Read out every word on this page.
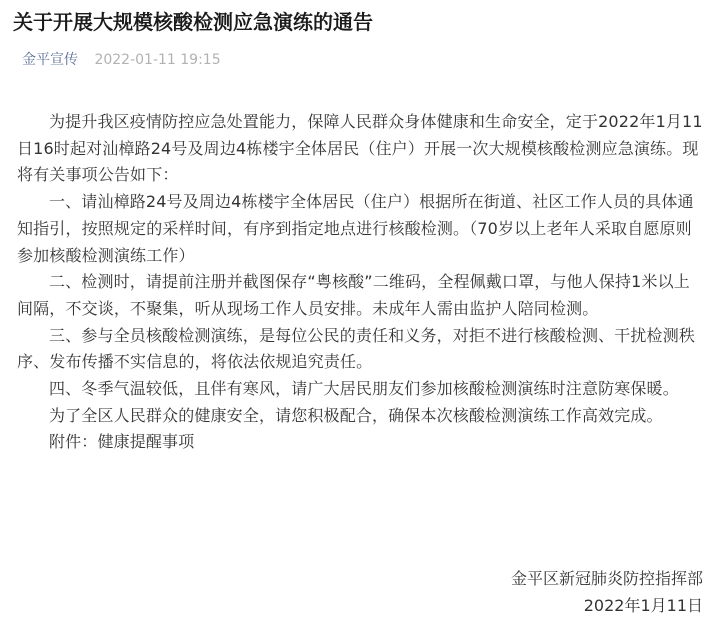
关于开展大规模核酸检测应急演练的通告
金平宣传 2022-01-11 19:15

为提升我区疫情防控应急处置能力，保障人民群众身体健康和生命安全，定于2022年1月11日16时起对汕樟路24号及周边4栋楼宇全体居民（住户）开展一次大规模核酸检测应急演练。现将有关事项公告如下：

一、请汕樟路24号及周边4栋楼宇全体居民（住户）根据所在街道、社区工作人员的具体通知指引，按照规定的采样时间，有序到指定地点进行核酸检测。（70岁以上老年人采取自愿原则参加核酸检测演练工作）

二、检测时，请提前注册并截图保存“粤核酸”二维码，全程佩戴口罩，与他人保持1米以上间隔，不交谈，不聚集，听从现场工作人员安排。未成年人需由监护人陪同检测。

三、参与全员核酸检测演练，是每位公民的责任和义务，对拒不进行核酸检测、干扰检测秩序、发布传播不实信息的，将依法依规追究责任。

四、冬季气温较低，且伴有寒风，请广大居民朋友们参加核酸检测演练时注意防寒保暖。

为了全区人民群众的健康安全，请您积极配合，确保本次核酸检测演练工作高效完成。

附件：健康提醒事项

金平区新冠肺炎防控指挥部
2022年1月11日
